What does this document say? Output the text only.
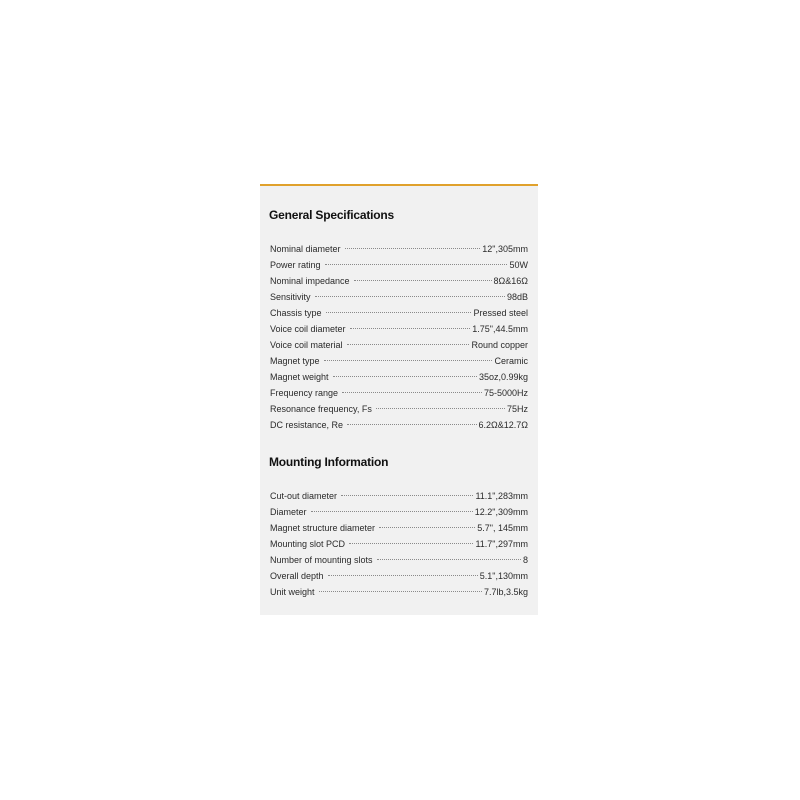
General Specifications
Nominal diameter	12",305mm
Power rating	50W
Nominal impedance	8Ω&16Ω
Sensitivity	98dB
Chassis type	Pressed steel
Voice coil diameter	1.75",44.5mm
Voice coil material	Round copper
Magnet type	Ceramic
Magnet weight	35oz,0.99kg
Frequency range	75-5000Hz
Resonance frequency, Fs	75Hz
DC resistance, Re	6.2Ω&12.7Ω
Mounting Information
Cut-out diameter	11.1",283mm
Diameter	12.2",309mm
Magnet structure diameter	5.7", 145mm
Mounting slot PCD	11.7",297mm
Number of mounting slots	8
Overall depth	5.1",130mm
Unit weight	7.7lb,3.5kg
